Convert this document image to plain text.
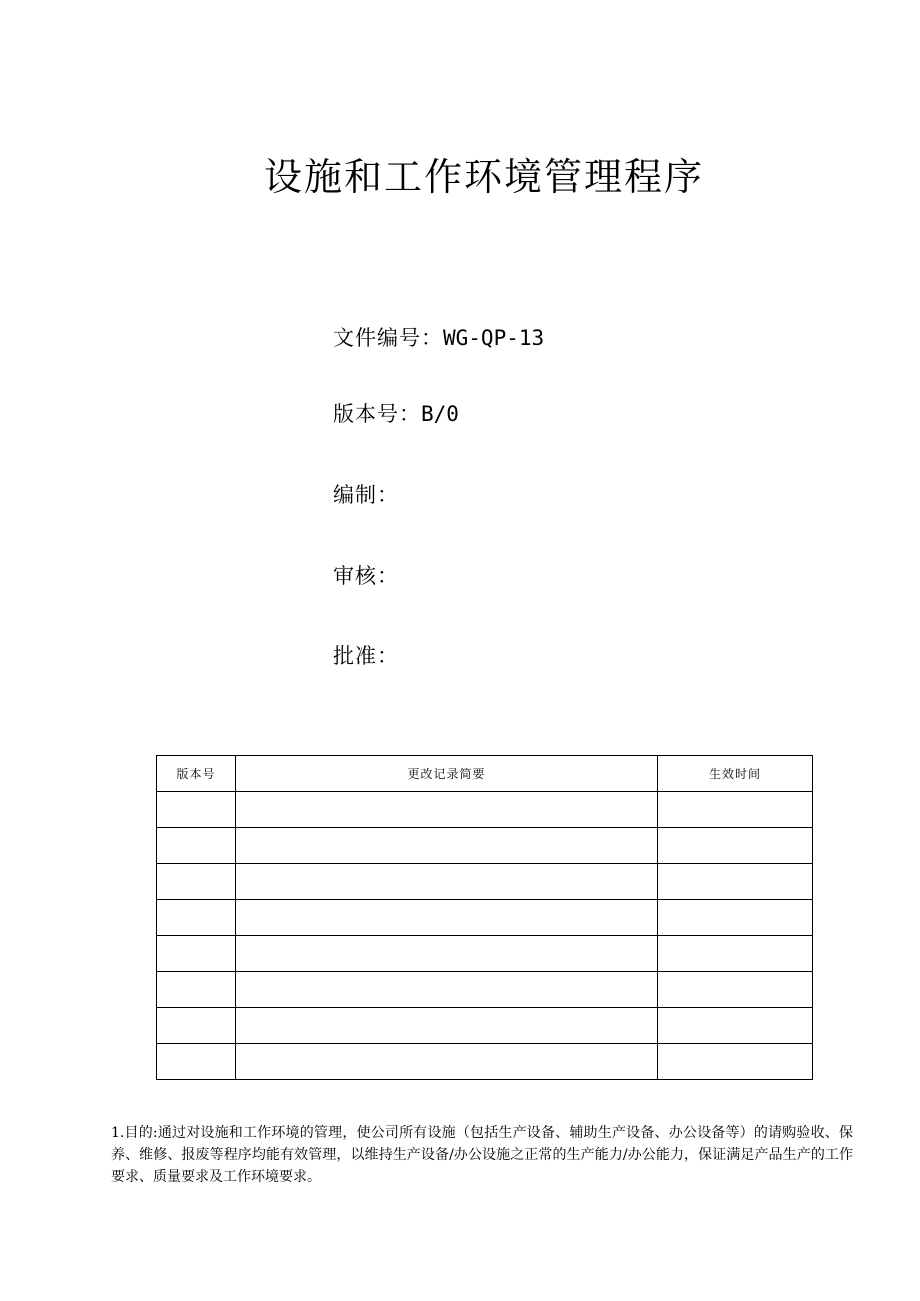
设施和工作环境管理程序
文件编号：WG-QP-13
版本号：B/0
编制：
审核：
批准：
版本号	更改记录简要	生效时间

1.目的:通过对设施和工作环境的管理，使公司所有设施（包括生产设备、辅助生产设备、办公设备等）的请购验收、保养、维修、报废等程序均能有效管理，以维持生产设备/办公设施之正常的生产能力/办公能力，保证满足产品生产的工作要求、质量要求及工作环境要求。
